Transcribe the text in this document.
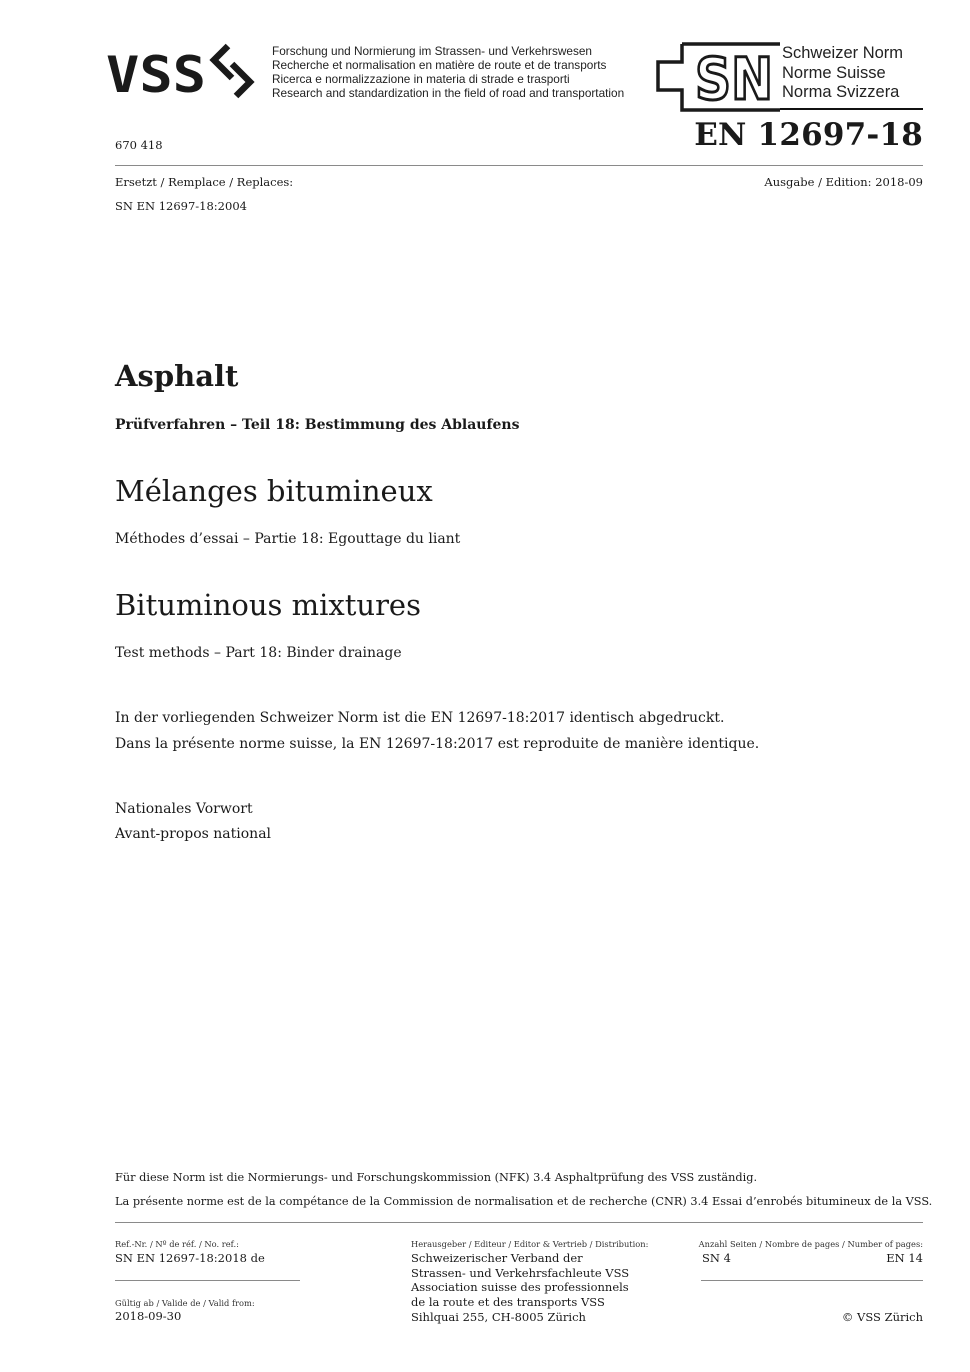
VSS	Forschung und Normierung im Strassen- und Verkehrswesen
Recherche et normalisation en matière de route et de transports
Ricerca e normalizzazione in materia di strade e trasporti
Research and standardization in the field of road and transportation SN Schweizer Norm
Norme Suisse
Norma Svizzera
670 418	EN 12697-18
Ersetzt / Remplace / Replaces:	Ausgabe / Edition: 2018-09
SN EN 12697-18:2004
Asphalt
Prüfverfahren – Teil 18: Bestimmung des Ablaufens
Mélanges bitumineux
Méthodes d’essai – Partie 18: Egouttage du liant
Bituminous mixtures
Test methods – Part 18: Binder drainage
In der vorliegenden Schweizer Norm ist die EN 12697-18:2017 identisch abgedruckt.
Dans la présente norme suisse, la EN 12697-18:2017 est reproduite de manière identique.
Nationales Vorwort
Avant-propos national
Für diese Norm ist die Normierungs- und Forschungskommission (NFK) 3.4 Asphaltprüfung des VSS zuständig.
La présente norme est de la compétance de la Commission de normalisation et de recherche (CNR) 3.4 Essai d’enrobés bitumineux de la VSS.
Ref.-Nr. / Nº de réf. / No. ref.:
SN EN 12697-18:2018 de
Gültig ab / Valide de / Valid from:
2018-09-30
Herausgeber / Editeur / Editor & Vertrieb / Distribution:
Schweizerischer Verband der
Strassen- und Verkehrsfachleute VSS
Association suisse des professionnels
de la route et des transports VSS
Sihlquai 255, CH-8005 Zürich
Anzahl Seiten / Nombre de pages / Number of pages:
SN 4	EN 14
© VSS Zürich
